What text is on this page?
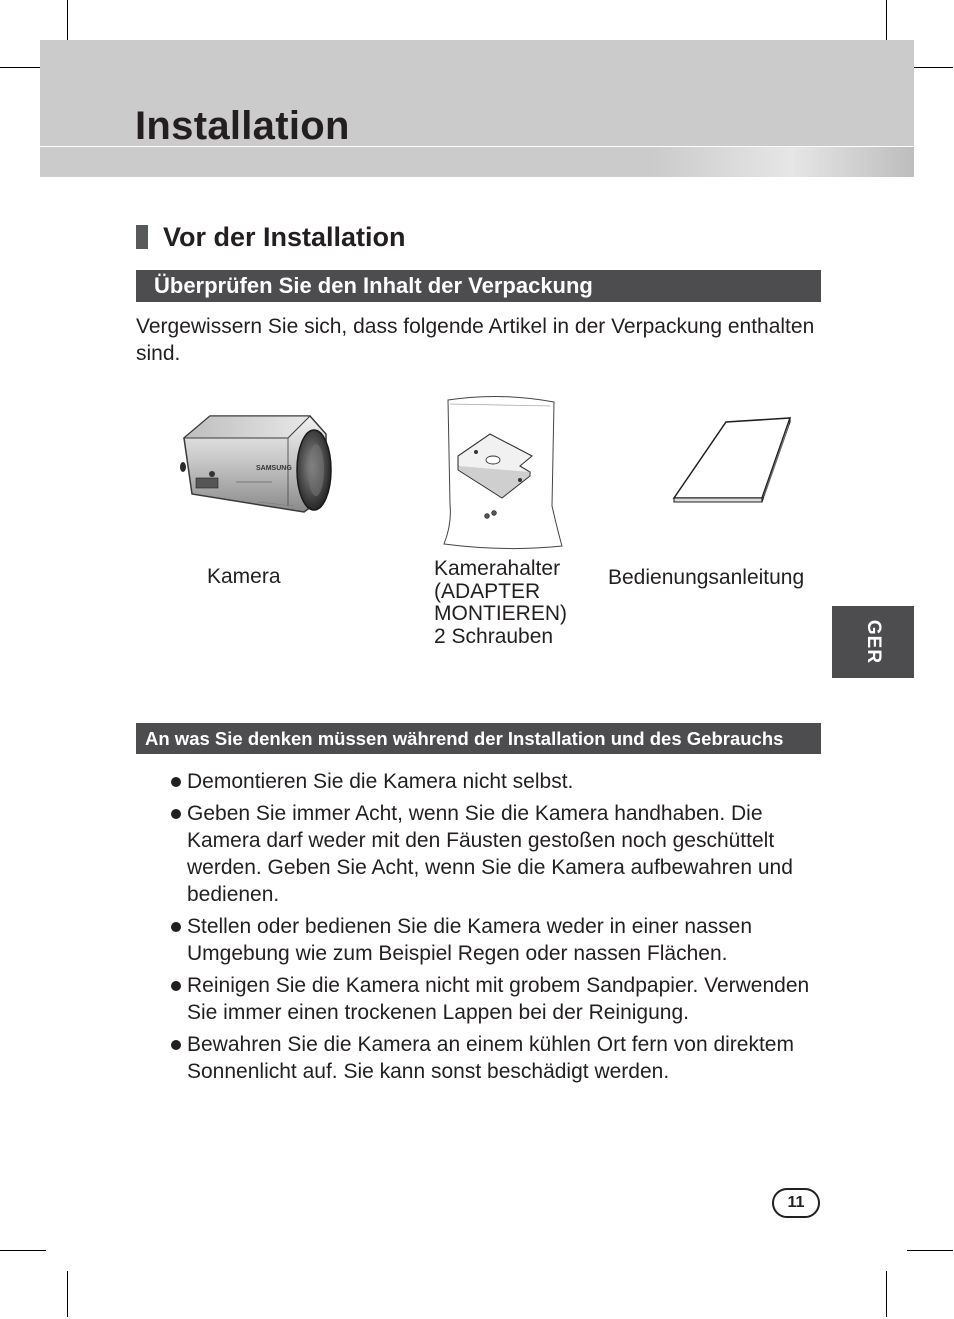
Installation
Vor der Installation
Überprüfen Sie den Inhalt der Verpackung

Vergewissern Sie sich, dass folgende Artikel in der Verpackung enthalten sind.

SAMSUNG

Kamera	Kamerahalter
(ADAPTER
MONTIEREN)
2 Schrauben

Bedienungsanleitung

GER
An was Sie denken müssen während der Installation und des Gebrauchs
Demontieren Sie die Kamera nicht selbst.
Geben Sie immer Acht, wenn Sie die Kamera handhaben. Die Kamera darf weder mit den Fäusten gestoßen noch geschüttelt werden. Geben Sie Acht, wenn Sie die Kamera aufbewahren und bedienen.
Stellen oder bedienen Sie die Kamera weder in einer nassen Umgebung wie zum Beispiel Regen oder nassen Flächen.
Reinigen Sie die Kamera nicht mit grobem Sandpapier. Verwenden Sie immer einen trockenen Lappen bei der Reinigung.
Bewahren Sie die Kamera an einem kühlen Ort fern von direktem Sonnenlicht auf. Sie kann sonst beschädigt werden.
11
